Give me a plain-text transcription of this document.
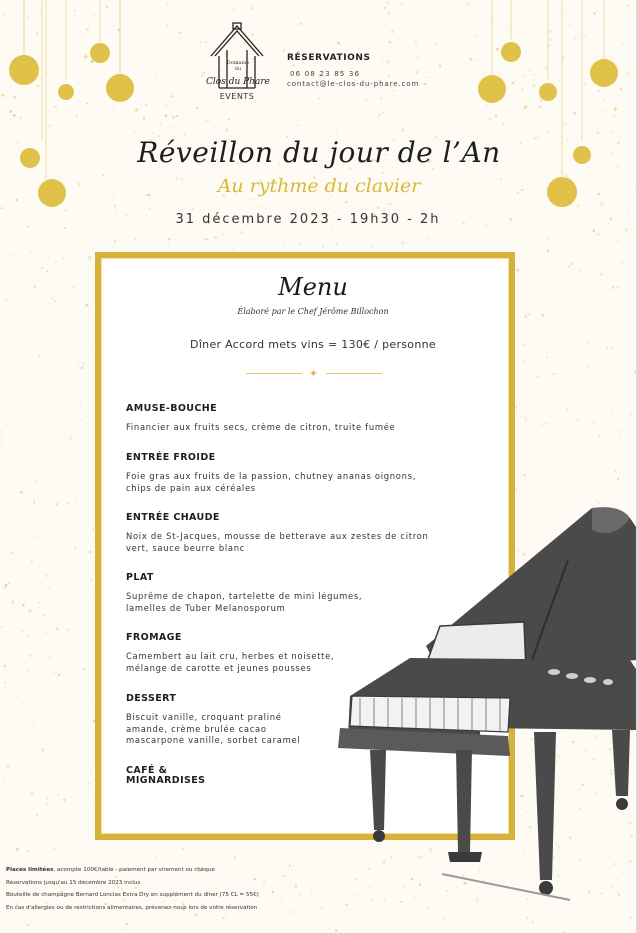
✦
✦
✦
✦
✦
✦
Domaine
du
Clos du Phare
EVENTS
RÉSERVATIONS
06 08 23 85 36
contact@le-clos-du-phare.com
Réveillon du jour de l’An
Au rythme du clavier
31 décembre 2023 - 19h30 - 2h
Menu
Élaboré par le Chef Jérôme Billochon
Dîner Accord mets vins = 130€ / personne
✦
AMUSE-BOUCHE
Financier aux fruits secs, crème de citron, truite fumée
ENTRÉE FROIDE
Foie gras aux fruits de la passion, chutney ananas oignons,
chips de pain aux céréales
ENTRÉE CHAUDE
Noix de St-Jacques, mousse de betterave aux zestes de citron
vert, sauce beurre blanc
PLAT
Suprême de chapon, tartelette de mini légumes,
lamelles de Tuber Melanosporum
FROMAGE
Camembert au lait cru, herbes et noisette,
mélange de carotte et jeunes pousses
DESSERT
Biscuit vanille, croquant praliné
amande, crème brulée cacao
mascarpone vanille, sorbet caramel
CAFÉ &
MIGNARDISES
Places limitées, acompte 100€/table - paiement par virement ou chèque
Réservations jusqu'au 15 décembre 2023 inclus
Bouteille de champagne Bernard Lonclas Extra Dry en supplément du dîner (75 CL = 55€)
En cas d'allergies ou de restrictions alimentaires, prévenez-nous lors de votre réservation
